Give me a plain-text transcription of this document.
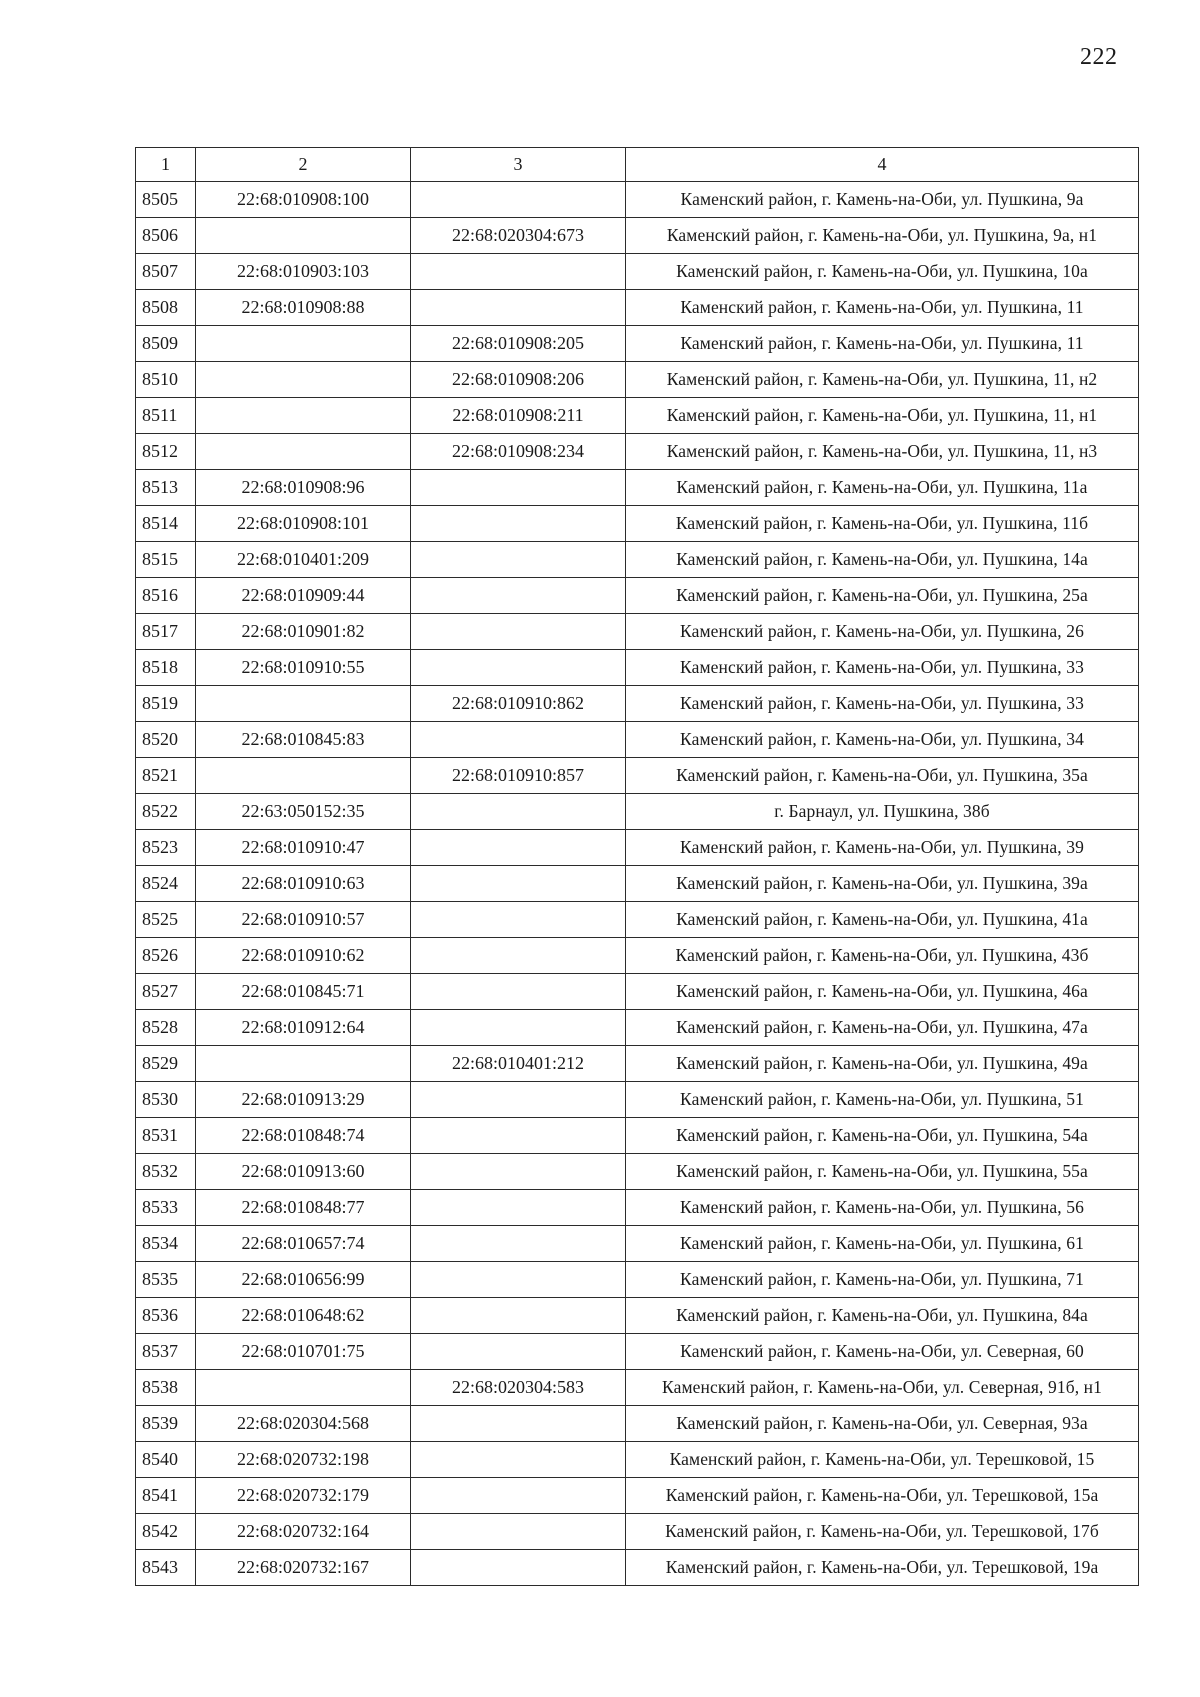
222
1	2	3	4
8505	22:68:010908:100		Каменский район, г. Камень-на-Оби, ул. Пушкина, 9а
8506		22:68:020304:673	Каменский район, г. Камень-на-Оби, ул. Пушкина, 9а, н1
8507	22:68:010903:103		Каменский район, г. Камень-на-Оби, ул. Пушкина, 10а
8508	22:68:010908:88		Каменский район, г. Камень-на-Оби, ул. Пушкина, 11
8509		22:68:010908:205	Каменский район, г. Камень-на-Оби, ул. Пушкина, 11
8510		22:68:010908:206	Каменский район, г. Камень-на-Оби, ул. Пушкина, 11, н2
8511		22:68:010908:211	Каменский район, г. Камень-на-Оби, ул. Пушкина, 11, н1
8512		22:68:010908:234	Каменский район, г. Камень-на-Оби, ул. Пушкина, 11, н3
8513	22:68:010908:96		Каменский район, г. Камень-на-Оби, ул. Пушкина, 11а
8514	22:68:010908:101		Каменский район, г. Камень-на-Оби, ул. Пушкина, 11б
8515	22:68:010401:209		Каменский район, г. Камень-на-Оби, ул. Пушкина, 14а
8516	22:68:010909:44		Каменский район, г. Камень-на-Оби, ул. Пушкина, 25а
8517	22:68:010901:82		Каменский район, г. Камень-на-Оби, ул. Пушкина, 26
8518	22:68:010910:55		Каменский район, г. Камень-на-Оби, ул. Пушкина, 33
8519		22:68:010910:862	Каменский район, г. Камень-на-Оби, ул. Пушкина, 33
8520	22:68:010845:83		Каменский район, г. Камень-на-Оби, ул. Пушкина, 34
8521		22:68:010910:857	Каменский район, г. Камень-на-Оби, ул. Пушкина, 35а
8522	22:63:050152:35		г. Барнаул, ул. Пушкина, 38б
8523	22:68:010910:47		Каменский район, г. Камень-на-Оби, ул. Пушкина, 39
8524	22:68:010910:63		Каменский район, г. Камень-на-Оби, ул. Пушкина, 39а
8525	22:68:010910:57		Каменский район, г. Камень-на-Оби, ул. Пушкина, 41а
8526	22:68:010910:62		Каменский район, г. Камень-на-Оби, ул. Пушкина, 43б
8527	22:68:010845:71		Каменский район, г. Камень-на-Оби, ул. Пушкина, 46а
8528	22:68:010912:64		Каменский район, г. Камень-на-Оби, ул. Пушкина, 47а
8529		22:68:010401:212	Каменский район, г. Камень-на-Оби, ул. Пушкина, 49а
8530	22:68:010913:29		Каменский район, г. Камень-на-Оби, ул. Пушкина, 51
8531	22:68:010848:74		Каменский район, г. Камень-на-Оби, ул. Пушкина, 54а
8532	22:68:010913:60		Каменский район, г. Камень-на-Оби, ул. Пушкина, 55а
8533	22:68:010848:77		Каменский район, г. Камень-на-Оби, ул. Пушкина, 56
8534	22:68:010657:74		Каменский район, г. Камень-на-Оби, ул. Пушкина, 61
8535	22:68:010656:99		Каменский район, г. Камень-на-Оби, ул. Пушкина, 71
8536	22:68:010648:62		Каменский район, г. Камень-на-Оби, ул. Пушкина, 84а
8537	22:68:010701:75		Каменский район, г. Камень-на-Оби, ул. Северная, 60
8538		22:68:020304:583	Каменский район, г. Камень-на-Оби, ул. Северная, 91б, н1
8539	22:68:020304:568		Каменский район, г. Камень-на-Оби, ул. Северная, 93а
8540	22:68:020732:198		Каменский район, г. Камень-на-Оби, ул. Терешковой, 15
8541	22:68:020732:179		Каменский район, г. Камень-на-Оби, ул. Терешковой, 15а
8542	22:68:020732:164		Каменский район, г. Камень-на-Оби, ул. Терешковой, 17б
8543	22:68:020732:167		Каменский район, г. Камень-на-Оби, ул. Терешковой, 19а
